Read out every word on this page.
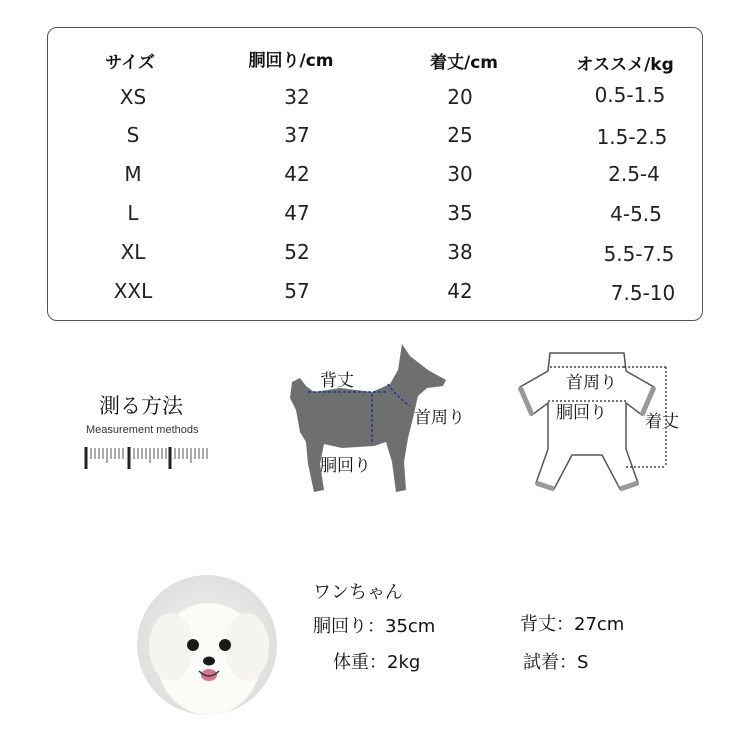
サイズ	胴回り/cm	着丈/cm	オススメ/kg
XS	32	20	0.5-1.5
S	37	25	1.5-2.5
M	42	30	2.5-4
L	47	35	4-5.5
XL	52	38	5.5-7.5
XXL	57	42	7.5-10
測る方法
Measurement methods
背丈
首周り
胴回り
首周り
胴回り 着丈
ワンちゃん
胴回り：35cm	背丈：27cm
体重：2kg	試着：S
